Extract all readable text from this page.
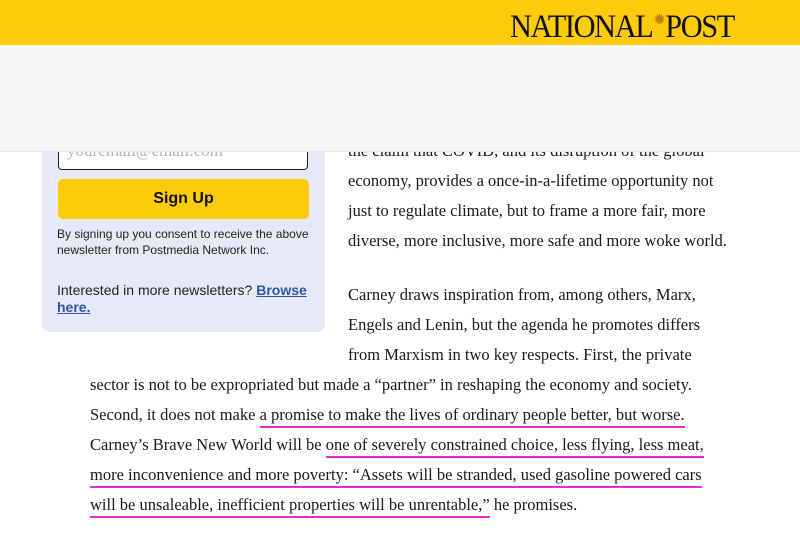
NATIONAL✹POST
Sign Up
By signing up you consent to receive the above newsletter from Postmedia Network Inc.
Interested in more newsletters? Browse here.
economy, provides a once-in-a-lifetime opportunity not
just to regulate climate, but to frame a more fair, more
diverse, more inclusive, more safe and more woke world.
Carney draws inspiration from, among others, Marx,
Engels and Lenin, but the agenda he promotes differs
from Marxism in two key respects. First, the private
sector is not to be expropriated but made a “partner” in reshaping the economy and society.
Second, it does not make a promise to make the lives of ordinary people better, but worse.
Carney’s Brave New World will be one of severely constrained choice, less flying, less meat,
more inconvenience and more poverty: “Assets will be stranded, used gasoline powered cars
will be unsaleable, inefficient properties will be unrentable,” he promises.
